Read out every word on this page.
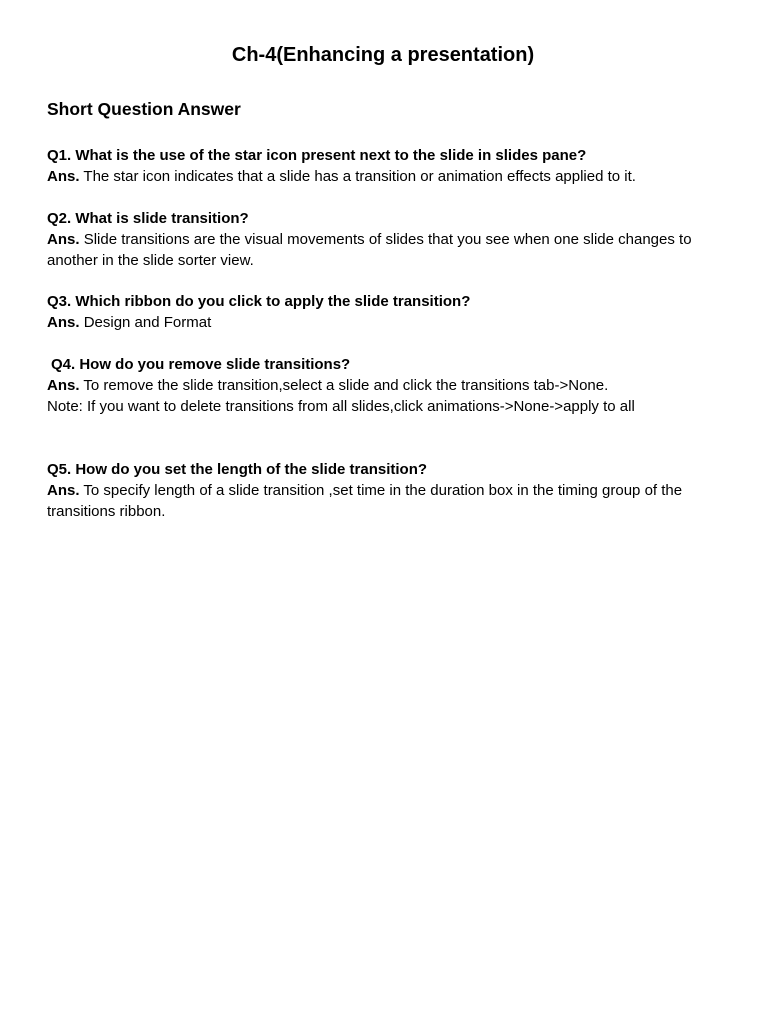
Ch-4(Enhancing a presentation)
Short Question Answer

Q1. What is the use of the star icon present next to the slide in slides pane?

Ans. The star icon indicates that a slide has a transition or animation effects applied to it.

Q2. What is slide transition?

Ans. Slide transitions are the visual movements of slides that you see when one slide changes to another in the slide sorter view.

Q3. Which ribbon do you click to apply the slide transition?

Ans. Design and Format

Q4. How do you remove slide transitions?

Ans. To remove the slide transition,select a slide and click the transitions tab->None.

Note: If you want to delete transitions from all slides,click animations->None->apply to all

Q5. How do you set the length of the slide transition?

Ans. To specify length of a slide transition ,set time in the duration box in the timing group of the transitions ribbon.
